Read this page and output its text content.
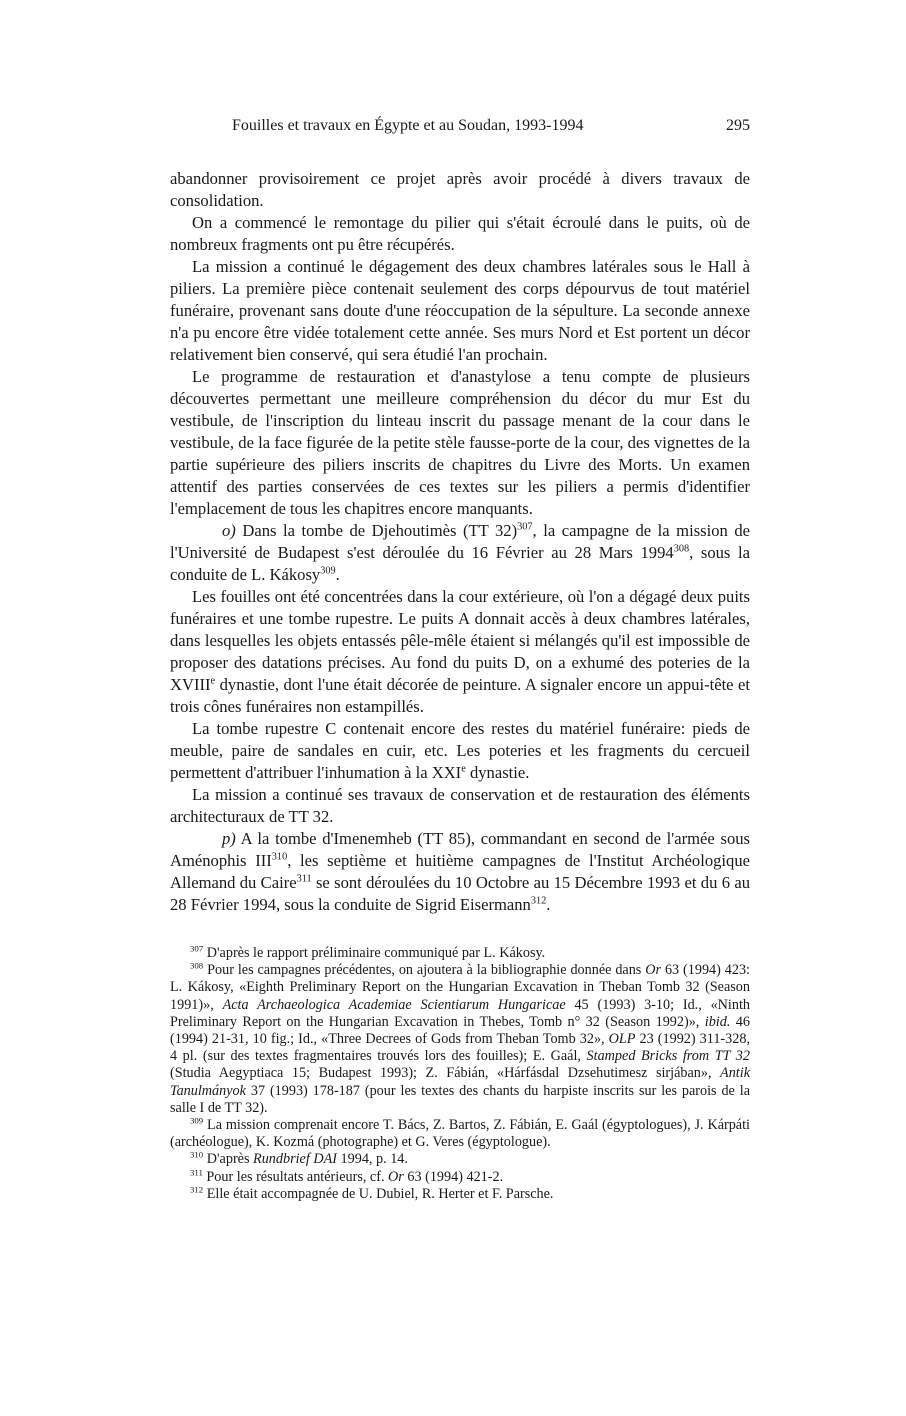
Fouilles et travaux en Égypte et au Soudan, 1993-1994	295

abandonner provisoirement ce projet après avoir procédé à divers travaux de consolidation.

On a commencé le remontage du pilier qui s'était écroulé dans le puits, où de nombreux fragments ont pu être récupérés.

La mission a continué le dégagement des deux chambres latérales sous le Hall à piliers. La première pièce contenait seulement des corps dépourvus de tout matériel funéraire, provenant sans doute d'une réoccupation de la sépulture. La seconde annexe n'a pu encore être vidée totalement cette année. Ses murs Nord et Est portent un décor relativement bien conservé, qui sera étudié l'an prochain.

Le programme de restauration et d'anastylose a tenu compte de plusieurs découvertes permettant une meilleure compréhension du décor du mur Est du vestibule, de l'inscription du linteau inscrit du passage menant de la cour dans le vestibule, de la face figurée de la petite stèle fausse-porte de la cour, des vignettes de la partie supérieure des piliers inscrits de chapitres du Livre des Morts. Un examen attentif des parties conservées de ces textes sur les piliers a permis d'identifier l'emplacement de tous les chapitres encore manquants.

o) Dans la tombe de Djehoutimès (TT 32)$^{307}$, la campagne de la mission de l'Université de Budapest s'est déroulée du 16 Février au 28 Mars 1994$^{308}$, sous la conduite de L. Kákosy$^{309}$.

Les fouilles ont été concentrées dans la cour extérieure, où l'on a dégagé deux puits funéraires et une tombe rupestre. Le puits A donnait accès à deux chambres latérales, dans lesquelles les objets entassés pêle-mêle étaient si mélangés qu'il est impossible de proposer des datations précises. Au fond du puits D, on a exhumé des poteries de la XVIIIe dynastie, dont l'une était décorée de peinture. A signaler encore un appui-tête et trois cônes funéraires non estampillés.

La tombe rupestre C contenait encore des restes du matériel funéraire: pieds de meuble, paire de sandales en cuir, etc. Les poteries et les fragments du cercueil permettent d'attribuer l'inhumation à la XXIe dynastie.

La mission a continué ses travaux de conservation et de restauration des éléments architecturaux de TT 32.

p) A la tombe d'Imenemheb (TT 85), commandant en second de l'armée sous Aménophis III$^{310}$, les septième et huitième campagnes de l'Institut Archéologique Allemand du Caire$^{311}$ se sont déroulées du 10 Octobre au 15 Décembre 1993 et du 6 au 28 Février 1994, sous la conduite de Sigrid Eisermann$^{312}$.

$^{307}$ D'après le rapport préliminaire communiqué par L. Kákosy.

$^{308}$ Pour les campagnes précédentes, on ajoutera à la bibliographie donnée dans Or 63 (1994) 423: L. Kákosy, «Eighth Preliminary Report on the Hungarian Excavation in Theban Tomb 32 (Season 1991)», Acta Archaeologica Academiae Scientiarum Hungaricae 45 (1993) 3-10; Id., «Ninth Preliminary Report on the Hungarian Excavation in Thebes, Tomb n° 32 (Season 1992)», ibid. 46 (1994) 21-31, 10 fig.; Id., «Three Decrees of Gods from Theban Tomb 32», OLP 23 (1992) 311-328, 4 pl. (sur des textes fragmentaires trouvés lors des fouilles); E. Gaál, Stamped Bricks from TT 32 (Studia Aegyptiaca 15; Budapest 1993); Z. Fábián, «Hárfásdal Dzsehutimesz sirjában», Antik Tanulmányok 37 (1993) 178-187 (pour les textes des chants du harpiste inscrits sur les parois de la salle I de TT 32).

$^{309}$ La mission comprenait encore T. Bács, Z. Bartos, Z. Fábián, E. Gaál (égyptologues), J. Kárpáti (archéologue), K. Kozmá (photographe) et G. Veres (égyptologue).

$^{310}$ D'après Rundbrief DAI 1994, p. 14.

$^{311}$ Pour les résultats antérieurs, cf. Or 63 (1994) 421-2.

$^{312}$ Elle était accompagnée de U. Dubiel, R. Herter et F. Parsche.
